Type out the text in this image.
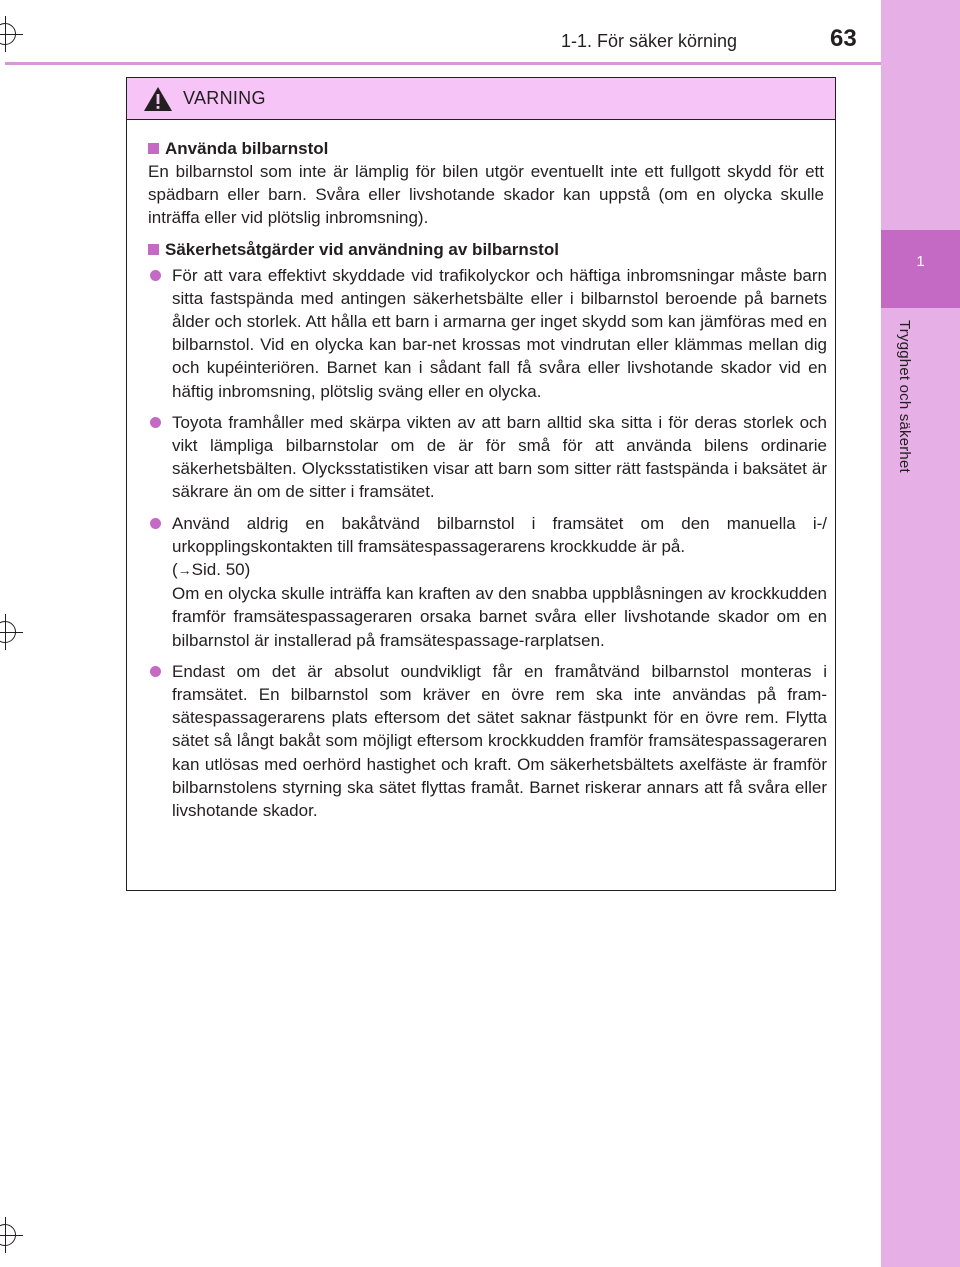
1
Trygghet och säkerhet
1-1. För säker körning	63
VARNING
Använda bilbarnstol
En bilbarnstol som inte är lämplig för bilen utgör eventuellt inte ett fullgott skydd för ett spädbarn eller barn. Svåra eller livshotande skador kan uppstå (om en olycka skulle inträffa eller vid plötslig inbromsning).
Säkerhetsåtgärder vid användning av bilbarnstol
För att vara effektivt skyddade vid trafikolyckor och häftiga inbromsningar måste barn sitta fastspända med antingen säkerhetsbälte eller i bilbarnstol beroende på barnets ålder och storlek. Att hålla ett barn i armarna ger inget skydd som kan jämföras med en bilbarnstol. Vid en olycka kan bar-net krossas mot vindrutan eller klämmas mellan dig och kupéinteriören. Barnet kan i sådant fall få svåra eller livshotande skador vid en häftig inbromsning, plötslig sväng eller en olycka.
Toyota framhåller med skärpa vikten av att barn alltid ska sitta i för deras storlek och vikt lämpliga bilbarnstolar om de är för små för att använda bilens ordinarie säkerhetsbälten. Olycksstatistiken visar att barn som sitter rätt fastspända i baksätet är säkrare än om de sitter i framsätet.
Använd aldrig en bakåtvänd bilbarnstol i framsätet om den manuella i-/ urkopplingskontakten till framsätespassagerarens krockkudde är på.
(→Sid. 50)
Om en olycka skulle inträffa kan kraften av den snabba uppblåsningen av krockkudden framför framsätespassageraren orsaka barnet svåra eller livshotande skador om en bilbarnstol är installerad på framsätespassage-rarplatsen.
Endast om det är absolut oundvikligt får en framåtvänd bilbarnstol monteras i framsätet. En bilbarnstol som kräver en övre rem ska inte användas på fram-sätespassagerarens plats eftersom det sätet saknar fästpunkt för en övre rem. Flytta sätet så långt bakåt som möjligt eftersom krockkudden framför framsätespassageraren kan utlösas med oerhörd hastighet och kraft. Om säkerhetsbältets axelfäste är framför bilbarnstolens styrning ska sätet flyttas framåt. Barnet riskerar annars att få svåra eller livshotande skador.
